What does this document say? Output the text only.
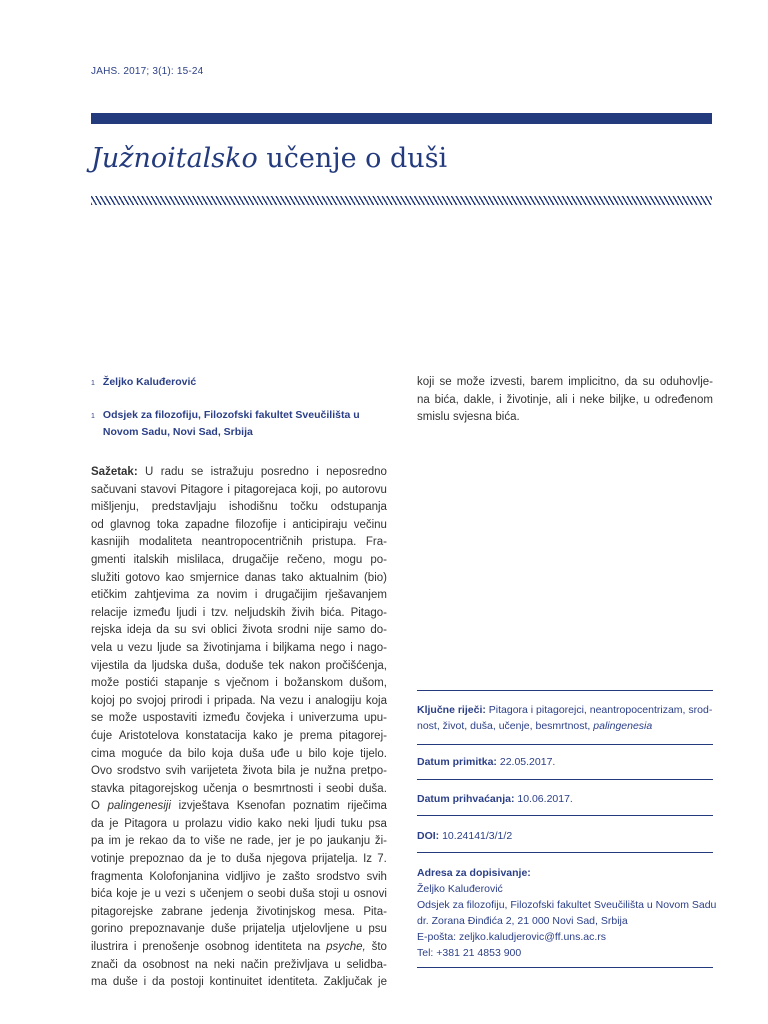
JAHS. 2017; 3(1): 15-24
Južnoitalsko učenje o duši
$^1$ Željko Kaluđerović
$^1$ Odsjek za filozofiju, Filozofski fakultet Sveučilišta u
Novom Sadu, Novi Sad, Srbija
Sažetak: U radu se istražuju posredno i neposredno
sačuvani stavovi Pitagore i pitagorejaca koji, po autorovu
mišljenju, predstavljaju ishodišnu točku odstupanja
od glavnog toka zapadne filozofije i anticipiraju večinu
kasnijih modaliteta neantropocentričnih pristupa. Fra-
gmenti italskih mislilaca, drugačije rečeno, mogu po-
služiti gotovo kao smjernice danas tako aktualnim (bio)
etičkim zahtjevima za novim i drugačijim rješavanjem
relacije između ljudi i tzv. neljudskih živih bića. Pitago-
rejska ideja da su svi oblici života srodni nije samo do-
vela u vezu ljude sa životinjama i biljkama nego i nago-
vijestila da ljudska duša, doduše tek nakon pročišćenja,
može postići stapanje s vječnom i božanskom dušom,
kojoj po svojoj prirodi i pripada. Na vezu i analogiju koja
se može uspostaviti između čovjeka i univerzuma upu-
ćuje Aristotelova konstatacija kako je prema pitagorej-
cima moguće da bilo koja duša uđe u bilo koje tijelo.
Ovo srodstvo svih varijeteta života bila je nužna pretpo-
stavka pitagorejskog učenja o besmrtnosti i seobi duša.
O palingenesiji izvještava Ksenofan poznatim riječima
da je Pitagora u prolazu vidio kako neki ljudi tuku psa
pa im je rekao da to više ne rade, jer je po jaukanju ži-
votinje prepoznao da je to duša njegova prijatelja. Iz 7.
fragmenta Kolofonjanina vidljivo je zašto srodstvo svih
bića koje je u vezi s učenjem o seobi duša stoji u osnovi
pitagorejske zabrane jedenja životinjskog mesa. Pita-
gorino prepoznavanje duše prijatelja utjelovljene u psu
ilustrira i prenošenje osobnog identiteta na psyche, što
znači da osobnost na neki način preživljava u selidba-
ma duše i da postoji kontinuitet identiteta. Zaključak je
koji se može izvesti, barem implicitno, da su oduhovlje-
na bića, dakle, i životinje, ali i neke biljke, u određenom
smislu svjesna bića.
Ključne riječi: Pitagora i pitagorejci, neantropocentrizam, srod-
nost, život, duša, učenje, besmrtnost, palingenesia
Datum primitka: 22.05.2017.
Datum prihvaćanja: 10.06.2017.
DOI: 10.24141/3/1/2
Adresa za dopisivanje:
Željko Kaluđerović
Odsjek za filozofiju, Filozofski fakultet Sveučilišta u Novom Sadu
dr. Zorana Đinđića 2, 21 000 Novi Sad, Srbija
E-pošta: zeljko.kaludjerovic@ff.uns.ac.rs
Tel: +381 21 4853 900
